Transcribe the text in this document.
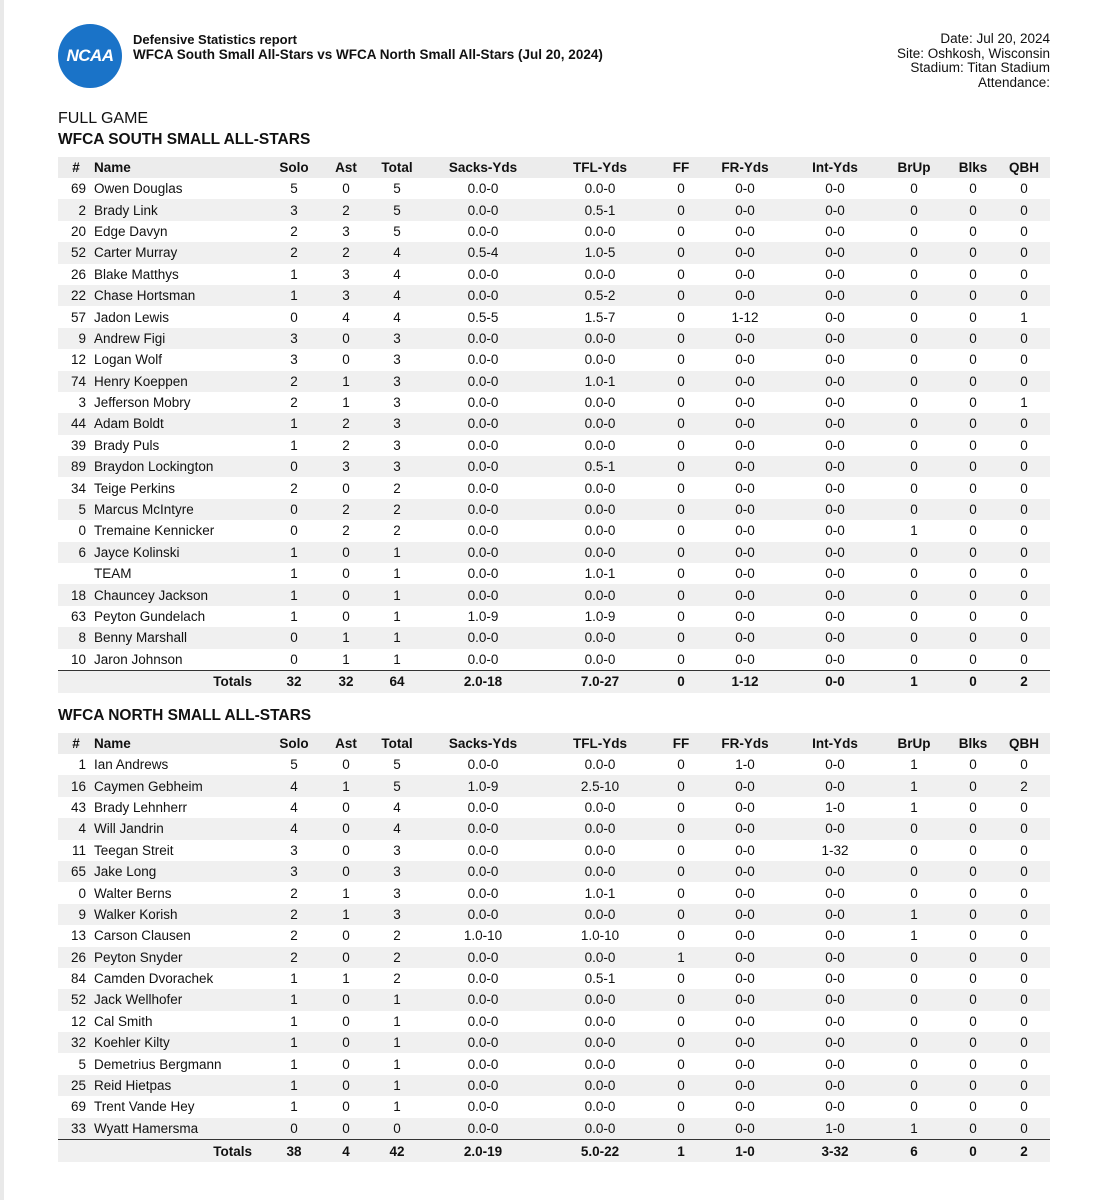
NCAA
Defensive Statistics report
WFCA South Small All-Stars vs WFCA North Small All-Stars (Jul 20, 2024)
Date: Jul 20, 2024
Site: Oshkosh, Wisconsin
Stadium: Titan Stadium
Attendance:
FULL GAME
WFCA SOUTH SMALL ALL-STARS
#	Name	Solo	Ast	Total	Sacks-Yds	TFL-Yds	FF	FR-Yds	Int-Yds	BrUp	Blks	QBH
69	Owen Douglas	5	0	5	0.0-0	0.0-0	0	0-0	0-0	0	0	0
2	Brady Link	3	2	5	0.0-0	0.5-1	0	0-0	0-0	0	0	0
20	Edge Davyn	2	3	5	0.0-0	0.0-0	0	0-0	0-0	0	0	0
52	Carter Murray	2	2	4	0.5-4	1.0-5	0	0-0	0-0	0	0	0
26	Blake Matthys	1	3	4	0.0-0	0.0-0	0	0-0	0-0	0	0	0
22	Chase Hortsman	1	3	4	0.0-0	0.5-2	0	0-0	0-0	0	0	0
57	Jadon Lewis	0	4	4	0.5-5	1.5-7	0	1-12	0-0	0	0	1
9	Andrew Figi	3	0	3	0.0-0	0.0-0	0	0-0	0-0	0	0	0
12	Logan Wolf	3	0	3	0.0-0	0.0-0	0	0-0	0-0	0	0	0
74	Henry Koeppen	2	1	3	0.0-0	1.0-1	0	0-0	0-0	0	0	0
3	Jefferson Mobry	2	1	3	0.0-0	0.0-0	0	0-0	0-0	0	0	1
44	Adam Boldt	1	2	3	0.0-0	0.0-0	0	0-0	0-0	0	0	0
39	Brady Puls	1	2	3	0.0-0	0.0-0	0	0-0	0-0	0	0	0
89	Braydon Lockington	0	3	3	0.0-0	0.5-1	0	0-0	0-0	0	0	0
34	Teige Perkins	2	0	2	0.0-0	0.0-0	0	0-0	0-0	0	0	0
5	Marcus McIntyre	0	2	2	0.0-0	0.0-0	0	0-0	0-0	0	0	0
0	Tremaine Kennicker	0	2	2	0.0-0	0.0-0	0	0-0	0-0	1	0	0
6	Jayce Kolinski	1	0	1	0.0-0	0.0-0	0	0-0	0-0	0	0	0
	TEAM	1	0	1	0.0-0	1.0-1	0	0-0	0-0	0	0	0
18	Chauncey Jackson	1	0	1	0.0-0	0.0-0	0	0-0	0-0	0	0	0
63	Peyton Gundelach	1	0	1	1.0-9	1.0-9	0	0-0	0-0	0	0	0
8	Benny Marshall	0	1	1	0.0-0	0.0-0	0	0-0	0-0	0	0	0
10	Jaron Johnson	0	1	1	0.0-0	0.0-0	0	0-0	0-0	0	0	0
Totals		32	32	64	2.0-18	7.0-27	0	1-12	0-0	1	0	2
WFCA NORTH SMALL ALL-STARS
#	Name	Solo	Ast	Total	Sacks-Yds	TFL-Yds	FF	FR-Yds	Int-Yds	BrUp	Blks	QBH
1	Ian Andrews	5	0	5	0.0-0	0.0-0	0	1-0	0-0	1	0	0
16	Caymen Gebheim	4	1	5	1.0-9	2.5-10	0	0-0	0-0	1	0	2
43	Brady Lehnherr	4	0	4	0.0-0	0.0-0	0	0-0	1-0	1	0	0
4	Will Jandrin	4	0	4	0.0-0	0.0-0	0	0-0	0-0	0	0	0
11	Teegan Streit	3	0	3	0.0-0	0.0-0	0	0-0	1-32	0	0	0
65	Jake Long	3	0	3	0.0-0	0.0-0	0	0-0	0-0	0	0	0
0	Walter Berns	2	1	3	0.0-0	1.0-1	0	0-0	0-0	0	0	0
9	Walker Korish	2	1	3	0.0-0	0.0-0	0	0-0	0-0	1	0	0
13	Carson Clausen	2	0	2	1.0-10	1.0-10	0	0-0	0-0	1	0	0
26	Peyton Snyder	2	0	2	0.0-0	0.0-0	1	0-0	0-0	0	0	0
84	Camden Dvorachek	1	1	2	0.0-0	0.5-1	0	0-0	0-0	0	0	0
52	Jack Wellhofer	1	0	1	0.0-0	0.0-0	0	0-0	0-0	0	0	0
12	Cal Smith	1	0	1	0.0-0	0.0-0	0	0-0	0-0	0	0	0
32	Koehler Kilty	1	0	1	0.0-0	0.0-0	0	0-0	0-0	0	0	0
5	Demetrius Bergmann	1	0	1	0.0-0	0.0-0	0	0-0	0-0	0	0	0
25	Reid Hietpas	1	0	1	0.0-0	0.0-0	0	0-0	0-0	0	0	0
69	Trent Vande Hey	1	0	1	0.0-0	0.0-0	0	0-0	0-0	0	0	0
33	Wyatt Hamersma	0	0	0	0.0-0	0.0-0	0	0-0	1-0	1	0	0
Totals		38	4	42	2.0-19	5.0-22	1	1-0	3-32	6	0	2
